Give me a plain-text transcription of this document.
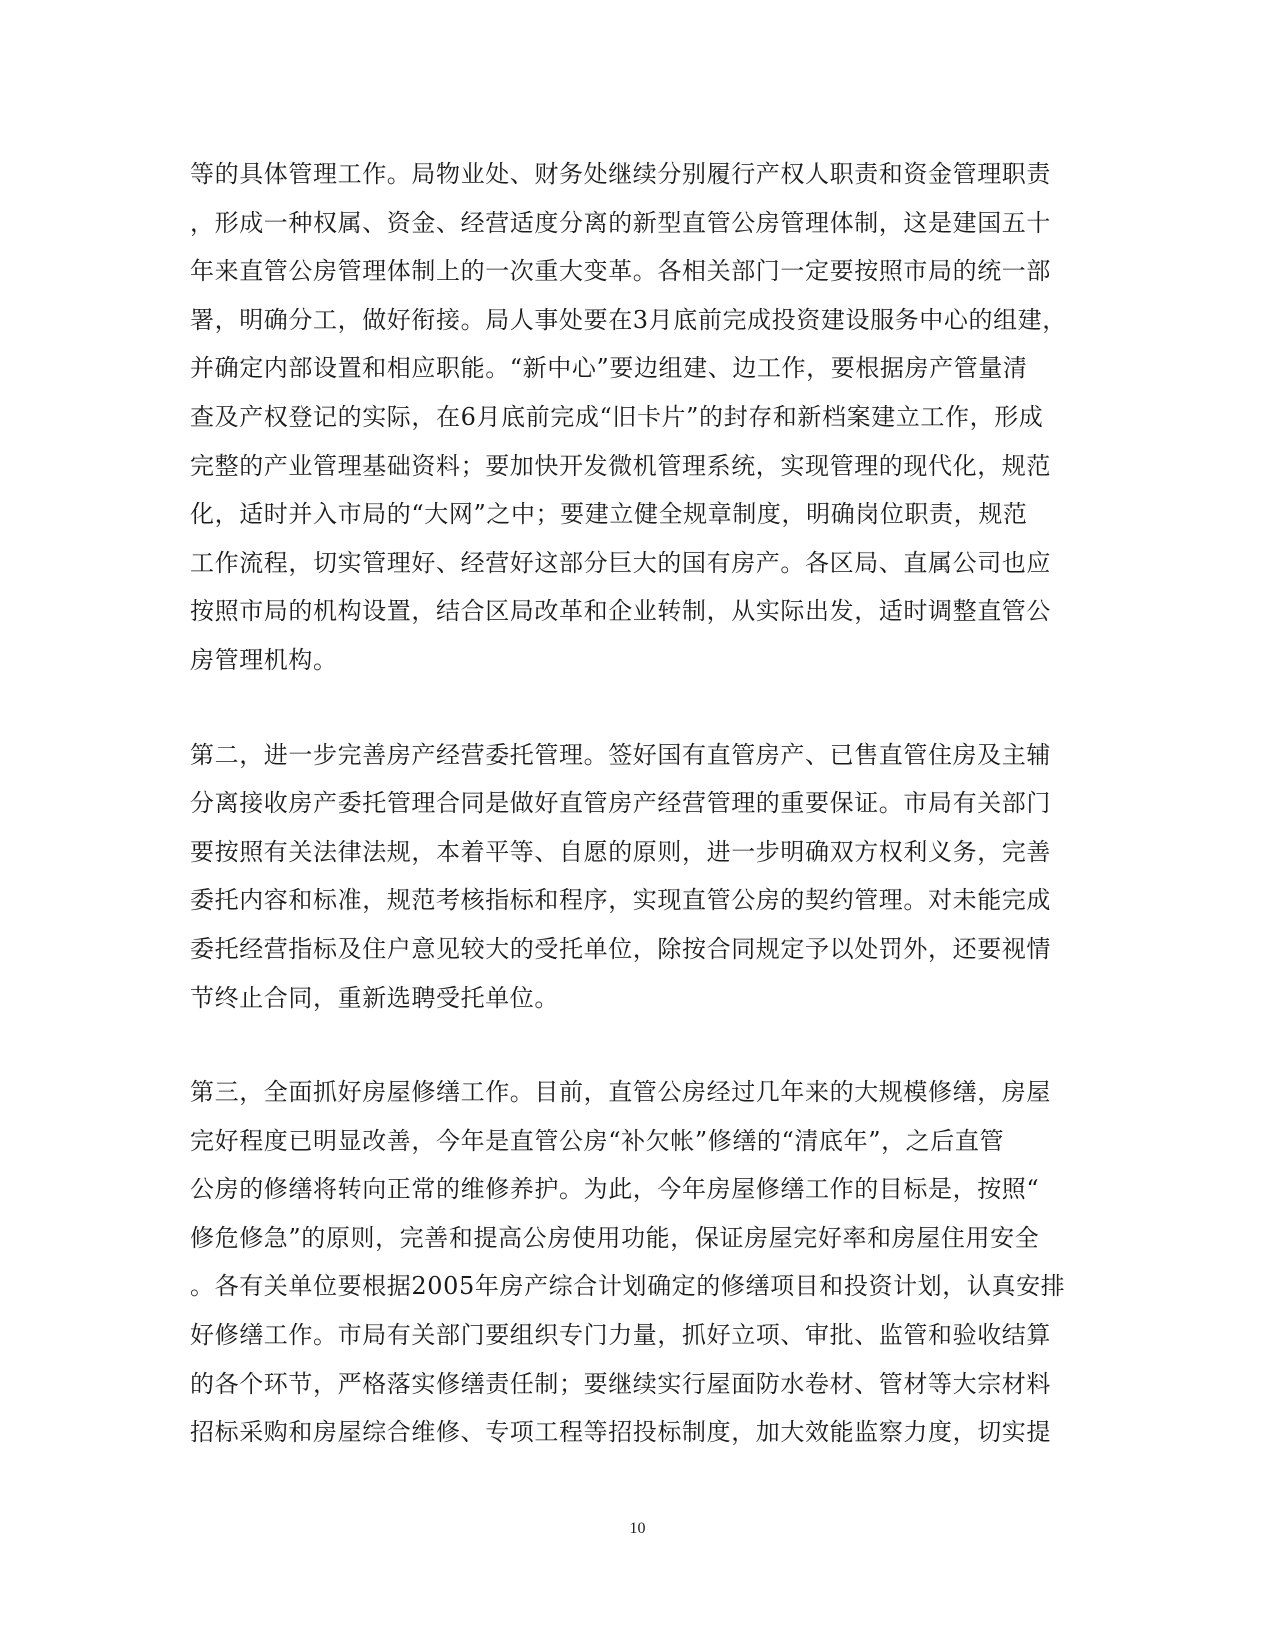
等的具体管理工作。局物业处、财务处继续分别履行产权人职责和资金管理职责
，形成一种权属、资金、经营适度分离的新型直管公房管理体制，这是建国五十
年来直管公房管理体制上的一次重大变革。各相关部门一定要按照市局的统一部
署，明确分工，做好衔接。局人事处要在3月底前完成投资建设服务中心的组建，
并确定内部设置和相应职能。“新中心”要边组建、边工作，要根据房产管量清
查及产权登记的实际，在6月底前完成“旧卡片”的封存和新档案建立工作，形成
完整的产业管理基础资料；要加快开发微机管理系统，实现管理的现代化，规范
化，适时并入市局的“大网”之中；要建立健全规章制度，明确岗位职责，规范
工作流程，切实管理好、经营好这部分巨大的国有房产。各区局、直属公司也应
按照市局的机构设置，结合区局改革和企业转制，从实际出发，适时调整直管公
房管理机构。

第二，进一步完善房产经营委托管理。签好国有直管房产、已售直管住房及主辅
分离接收房产委托管理合同是做好直管房产经营管理的重要保证。市局有关部门
要按照有关法律法规，本着平等、自愿的原则，进一步明确双方权利义务，完善
委托内容和标准，规范考核指标和程序，实现直管公房的契约管理。对未能完成
委托经营指标及住户意见较大的受托单位，除按合同规定予以处罚外，还要视情
节终止合同，重新选聘受托单位。

第三，全面抓好房屋修缮工作。目前，直管公房经过几年来的大规模修缮，房屋
完好程度已明显改善，今年是直管公房“补欠帐”修缮的“清底年”，之后直管
公房的修缮将转向正常的维修养护。为此，今年房屋修缮工作的目标是，按照“
修危修急”的原则，完善和提高公房使用功能，保证房屋完好率和房屋住用安全
。各有关单位要根据2005年房产综合计划确定的修缮项目和投资计划，认真安排
好修缮工作。市局有关部门要组织专门力量，抓好立项、审批、监管和验收结算
的各个环节，严格落实修缮责任制；要继续实行屋面防水卷材、管材等大宗材料
招标采购和房屋综合维修、专项工程等招投标制度，加大效能监察力度，切实提

10
